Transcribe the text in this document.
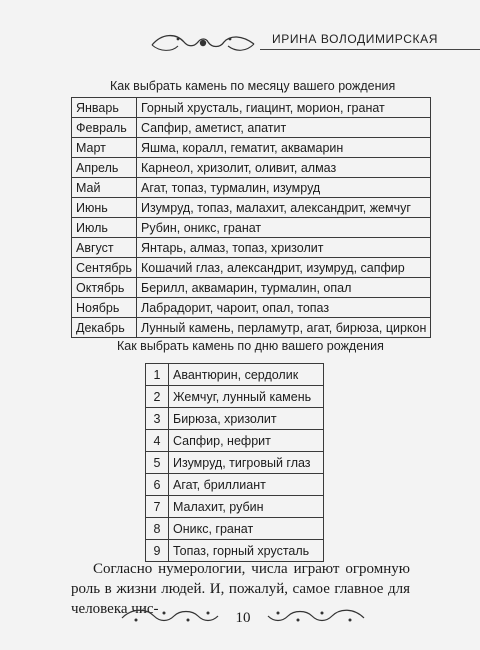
ИРИНА ВОЛОДИМИРСКАЯ
Как выбрать камень по месяцу вашего рождения
Январь	Горный хрусталь, гиацинт, морион, гранат
Февраль	Сапфир, аметист, апатит
Март	Яшма, коралл, гематит, аквамарин
Апрель	Карнеол, хризолит, оливит, алмаз
Май	Агат, топаз, турмалин, изумруд
Июнь	Изумруд, топаз, малахит, александрит, жемчуг
Июль	Рубин, оникс, гранат
Август	Янтарь, алмаз, топаз, хризолит
Сентябрь	Кошачий глаз, александрит, изумруд, сапфир
Октябрь	Берилл, аквамарин, турмалин, опал
Ноябрь	Лабрадорит, чароит, опал, топаз
Декабрь	Лунный камень, перламутр, агат, бирюза, циркон
Как выбрать камень по дню вашего рождения
1	Авантюрин, сердолик
2	Жемчуг, лунный камень
3	Бирюза, хризолит
4	Сапфир, нефрит
5	Изумруд, тигровый глаз
6	Агат, бриллиант
7	Малахит, рубин
8	Оникс, гранат
9	Топаз, горный хрусталь

Согласно нумерологии, числа играют огромную роль в жизни людей. И, пожалуй, самое главное для человека чис-

10
